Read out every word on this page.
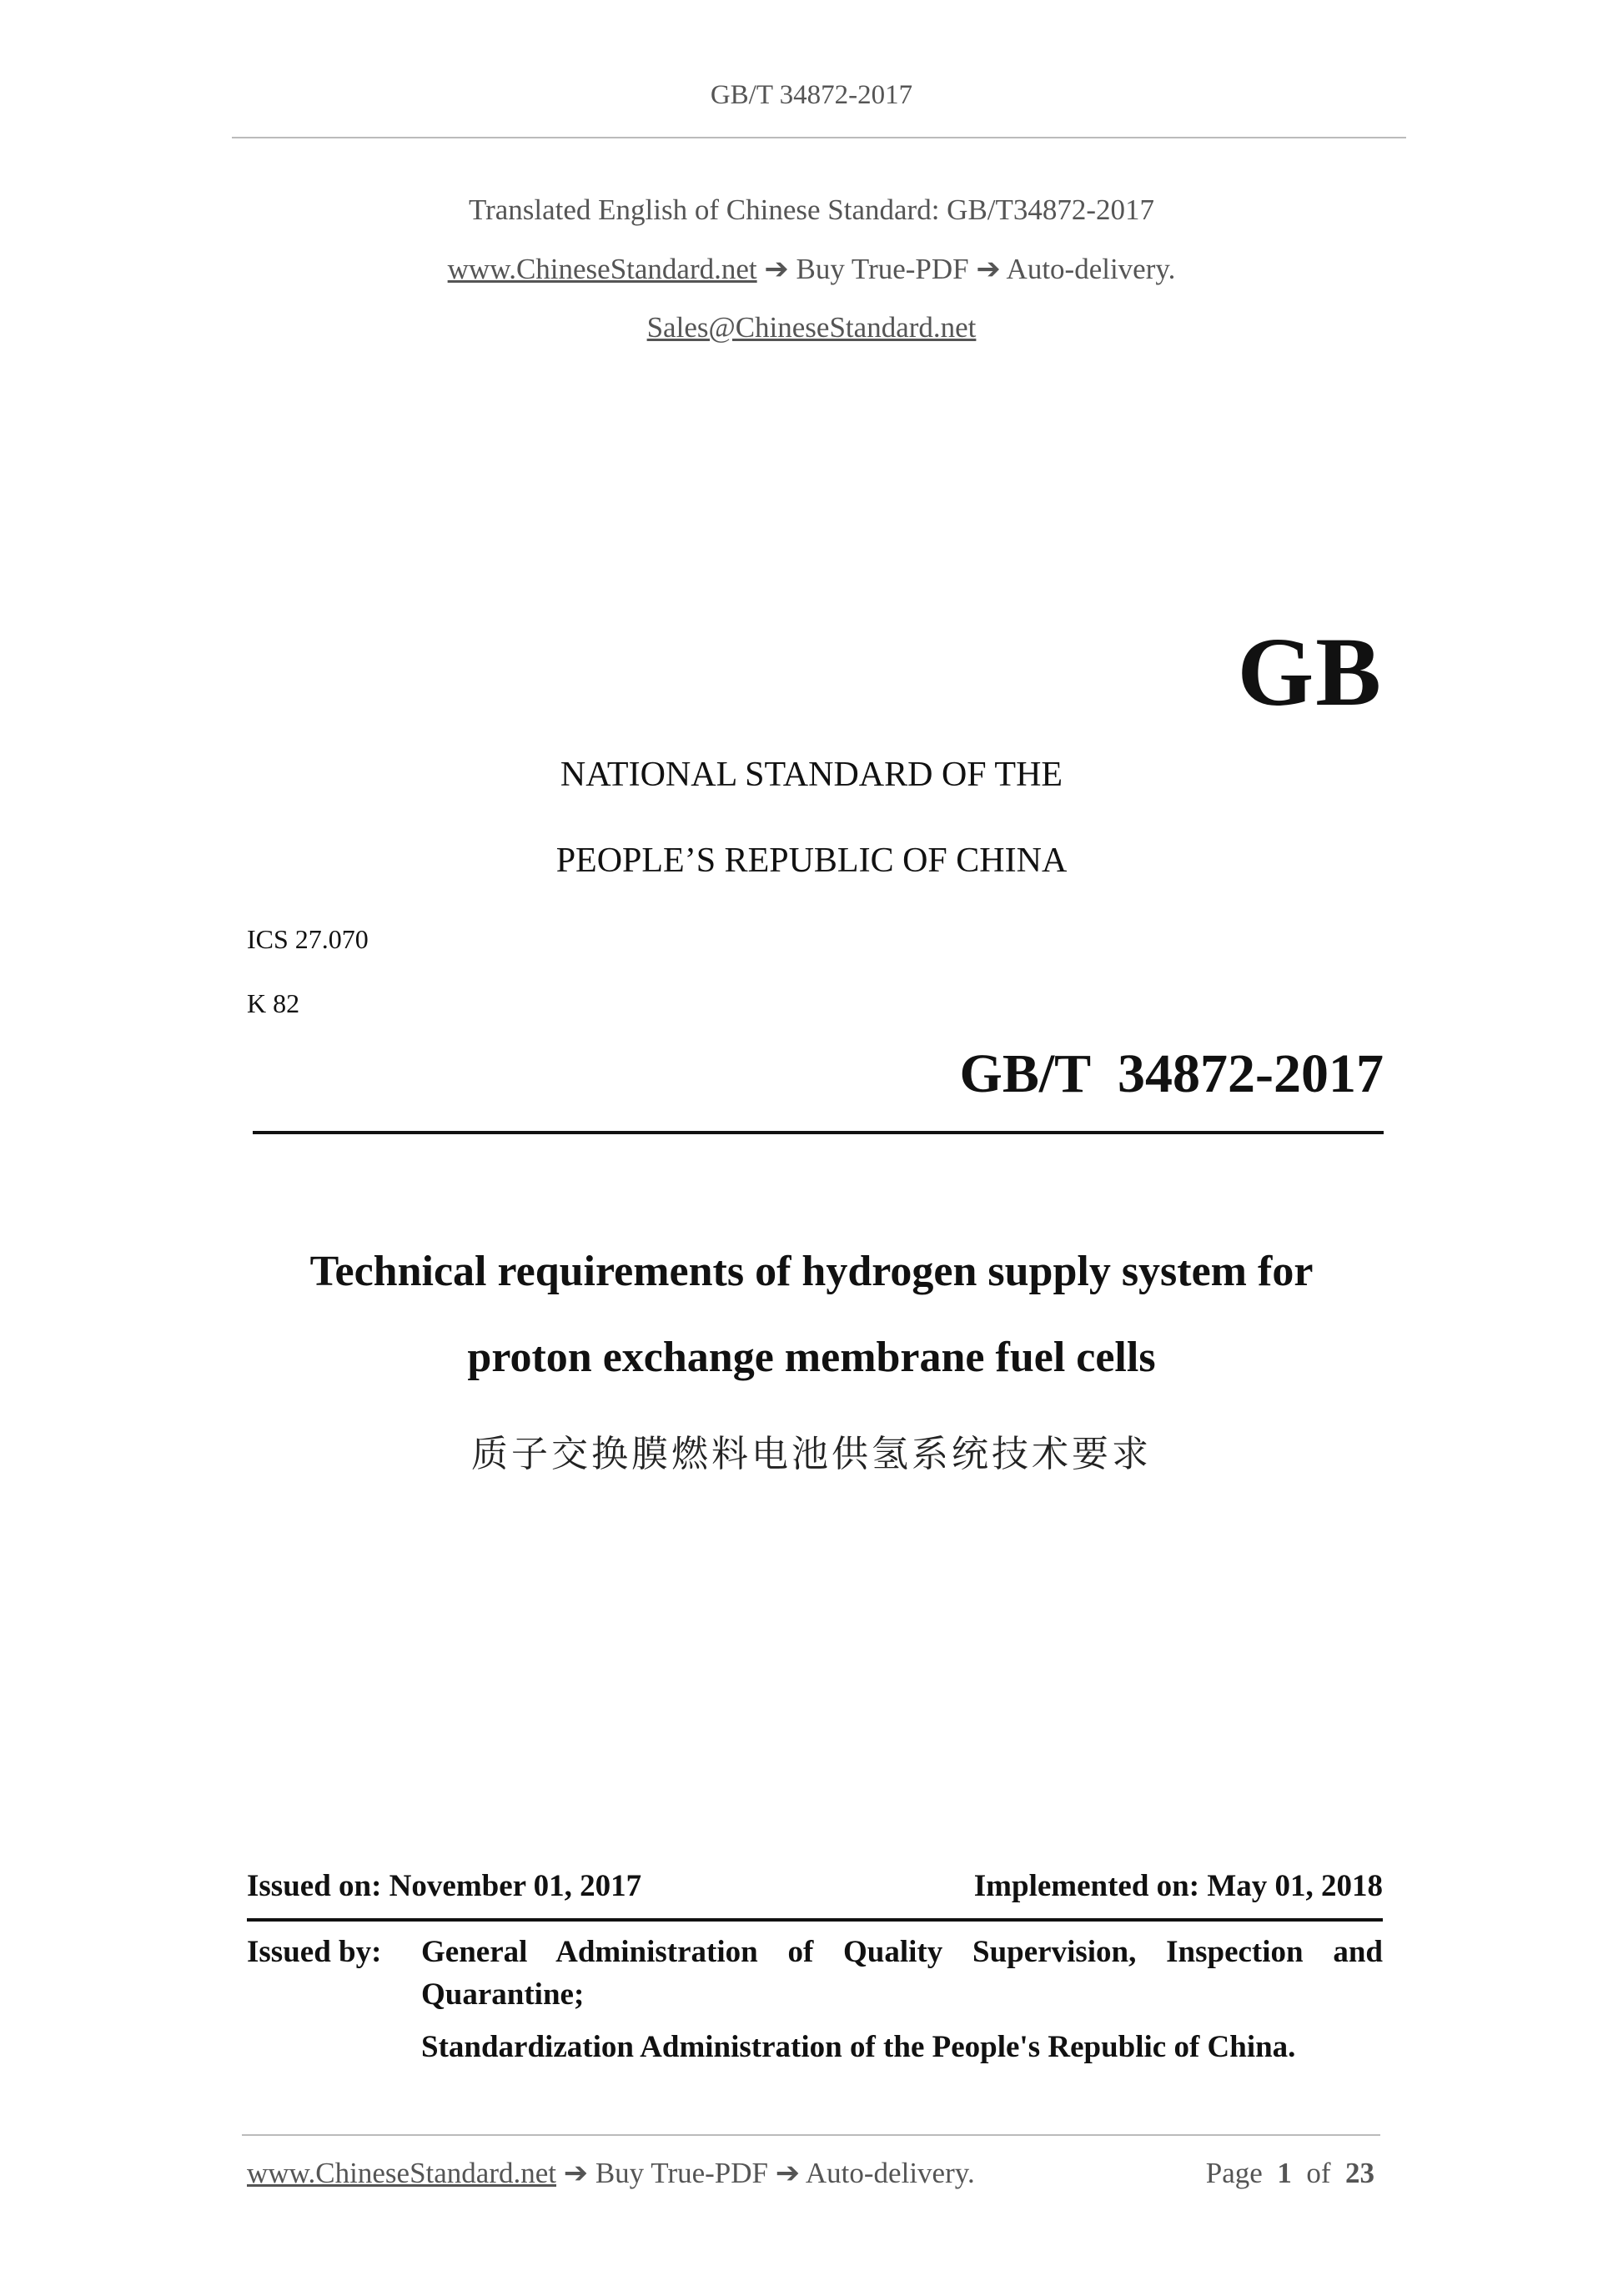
GB/T 34872-2017
Translated English of Chinese Standard: GB/T34872-2017
www.ChineseStandard.net ➔ Buy True-PDF ➔ Auto-delivery.
Sales@ChineseStandard.net
GB
NATIONAL STANDARD OF THE
PEOPLE’S REPUBLIC OF CHINA
ICS 27.070
K 82
GB/T  34872-2017
Technical requirements of hydrogen supply system for
proton exchange membrane fuel cells
质子交换膜燃料电池供氢系统技术要求
Issued on: November 01, 2017	Implemented on: May 01, 2018
Issued by: General Administration of Quality Supervision, Inspection and
Quarantine;
Standardization Administration of the People's Republic of China.
www.ChineseStandard.net ➔ Buy True-PDF ➔ Auto-delivery.	Page 1 of 23
